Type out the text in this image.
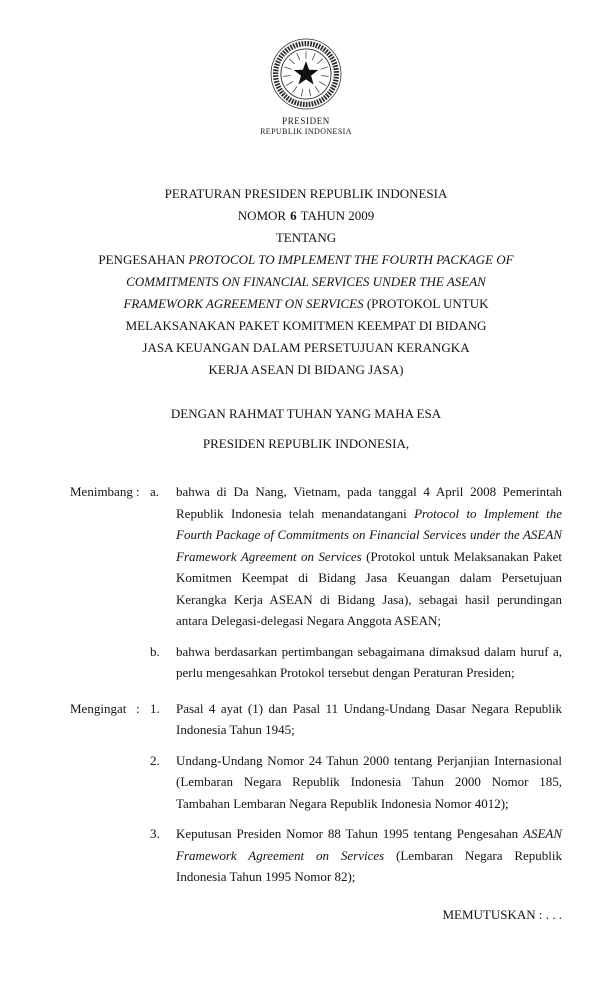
PRESIDEN
REPUBLIK INDONESIA
PERATURAN PRESIDEN REPUBLIK INDONESIA
NOMOR 6 TAHUN 2009
TENTANG
PENGESAHAN PROTOCOL TO IMPLEMENT THE FOURTH PACKAGE OF
COMMITMENTS ON FINANCIAL SERVICES UNDER THE ASEAN
FRAMEWORK AGREEMENT ON SERVICES (PROTOKOL UNTUK
MELAKSANAKAN PAKET KOMITMEN KEEMPAT DI BIDANG
JASA KEUANGAN DALAM PERSETUJUAN KERANGKA
KERJA ASEAN DI BIDANG JASA)
DENGAN RAHMAT TUHAN YANG MAHA ESA
PRESIDEN REPUBLIK INDONESIA,
Menimbang : a.	bahwa di Da Nang, Vietnam, pada tanggal 4 April 2008 Pemerintah Republik Indonesia telah menandatangani Protocol to Implement the Fourth Package of Commitments on Financial Services under the ASEAN Framework Agreement on Services (Protokol untuk Melaksanakan Paket Komitmen Keempat di Bidang Jasa Keuangan dalam Persetujuan Kerangka Kerja ASEAN di Bidang Jasa), sebagai hasil perundingan antara Delegasi-delegasi Negara Anggota ASEAN;

b.	bahwa berdasarkan pertimbangan sebagaimana dimaksud dalam huruf a, perlu mengesahkan Protokol tersebut dengan Peraturan Presiden;

Mengingat : 1.	Pasal 4 ayat (1) dan Pasal 11 Undang-Undang Dasar Negara Republik Indonesia Tahun 1945;

2.	Undang-Undang Nomor 24 Tahun 2000 tentang Perjanjian Internasional (Lembaran Negara Republik Indonesia Tahun 2000 Nomor 185, Tambahan Lembaran Negara Republik Indonesia Nomor 4012);

3.	Keputusan Presiden Nomor 88 Tahun 1995 tentang Pengesahan ASEAN Framework Agreement on Services (Lembaran Negara Republik Indonesia Tahun 1995 Nomor 82);

MEMUTUSKAN : . . .
